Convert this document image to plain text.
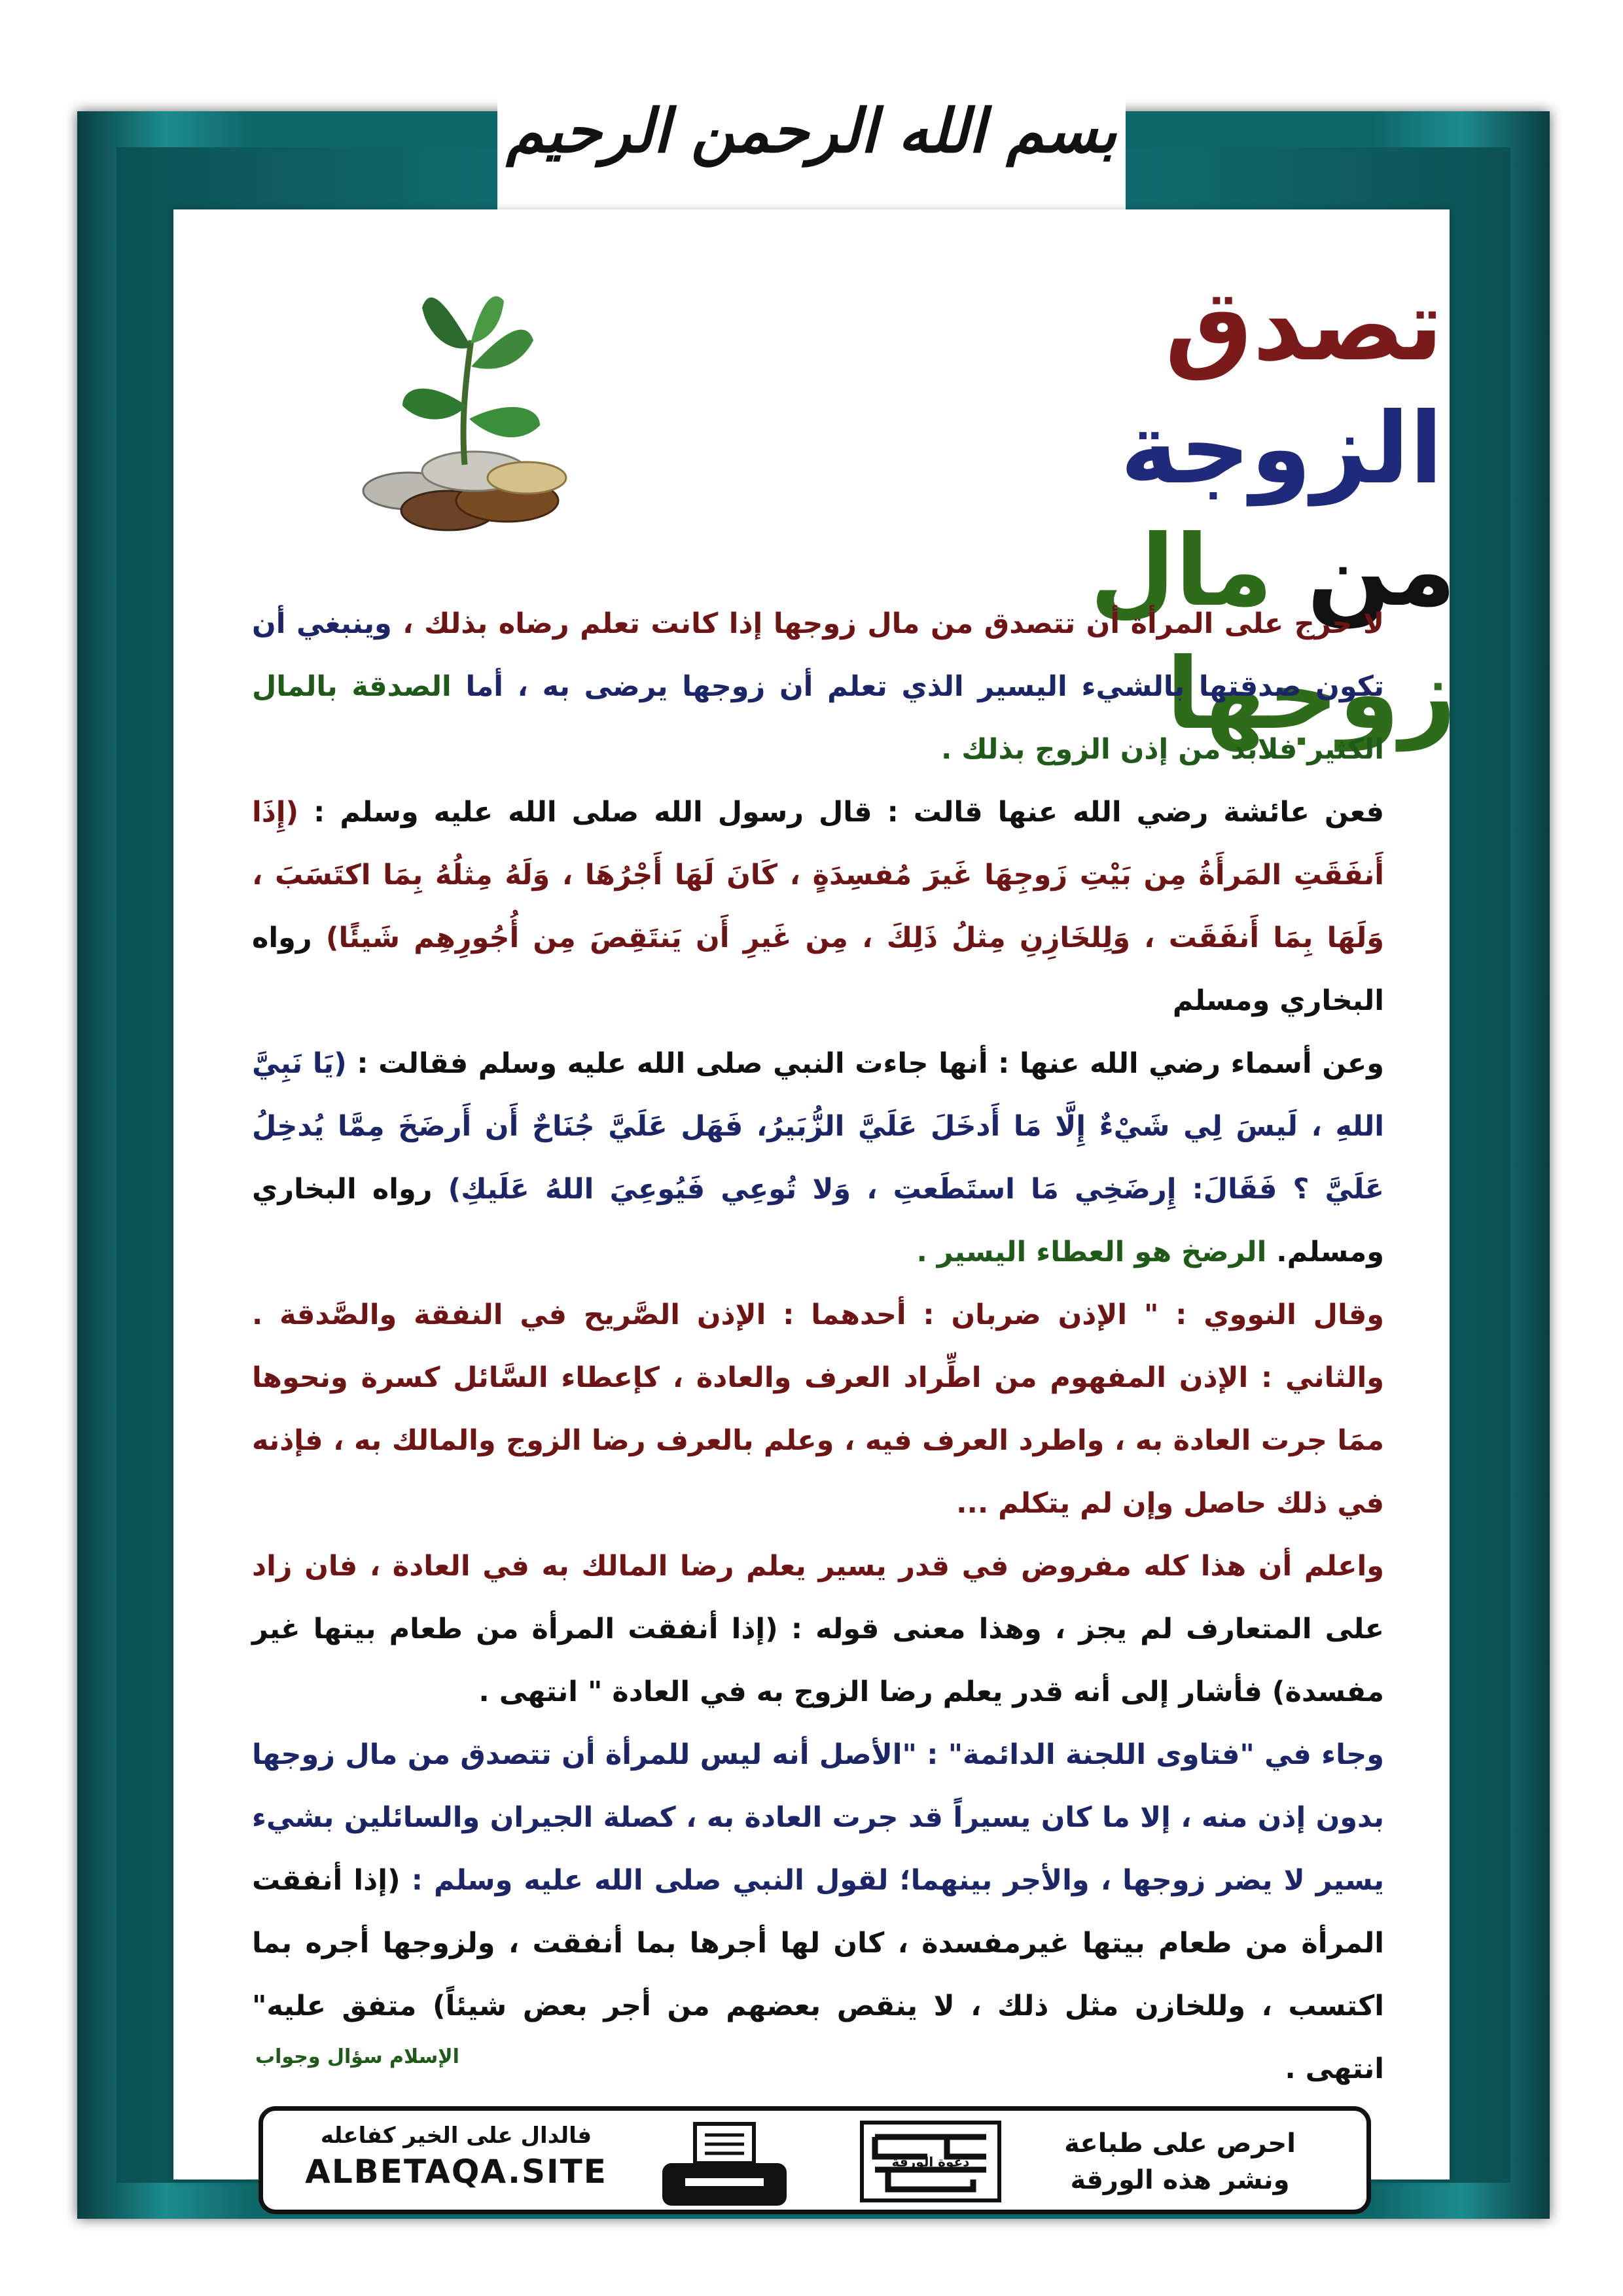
بسم الله الرحمن الرحيم
تصدق الزوجة
من مال زوجها

لا حرج على المرأة أن تتصدق من مال زوجها إذا كانت تعلم رضاه بذلك ، وينبغي أن تكون صدقتها بالشيء اليسير الذي تعلم أن زوجها يرضى به ، أما الصدقة بالمال الكثير فلابد من إذن الزوج بذلك .

فعن عائشة رضي الله عنها قالت : قال رسول الله صلى الله عليه وسلم : (إِذَا أَنفَقَتِ المَرأَةُ مِن بَيْتِ زَوجِهَا غَيرَ مُفسِدَةٍ ، كَانَ لَهَا أَجْرُهَا ، وَلَهُ مِثلُهُ بِمَا اكتَسَبَ ، وَلَهَا بِمَا أَنفَقَت ، وَلِلخَازِنِ مِثلُ ذَلِكَ ، مِن غَيرِ أَن يَنتَقِصَ مِن أُجُورِهِم شَيئًا) رواه البخاري ومسلم

وعن أسماء رضي الله عنها : أنها جاءت النبي صلى الله عليه وسلم فقالت : (يَا نَبِيَّ اللهِ ، لَيسَ لِي شَيْءٌ إِلَّا مَا أَدخَلَ عَلَيَّ الزُّبَيرُ، فَهَل عَلَيَّ جُنَاحٌ أَن أَرضَخَ مِمَّا يُدخِلُ عَلَيَّ ؟ فَقَالَ: إِرضَخِي مَا استَطَعتِ ، وَلا تُوعِي فَيُوعِيَ اللهُ عَلَيكِ) رواه البخاري ومسلم. الرضخ هو العطاء اليسير .

وقال النووي : " الإذن ضربان : أحدهما : الإذن الصَّريح في النفقة والصَّدقة . والثاني : الإذن المفهوم من اطِّراد العرف والعادة ، كإعطاء السَّائل كسرة ونحوها ممَا جرت العادة به ، واطرد العرف فيه ، وعلم بالعرف رضا الزوج والمالك به ، فإذنه في ذلك حاصل وإن لم يتكلم ...

واعلم أن هذا كله مفروض في قدر يسير يعلم رضا المالك به في العادة ، فان زاد على المتعارف لم يجز ، وهذا معنى قوله : (إذا أنفقت المرأة من طعام بيتها غير مفسدة) فأشار إلى أنه قدر يعلم رضا الزوج به في العادة " انتهى .

وجاء في "فتاوى اللجنة الدائمة" : "الأصل أنه ليس للمرأة أن تتصدق من مال زوجها بدون إذن منه ، إلا ما كان يسيراً قد جرت العادة به ، كصلة الجيران والسائلين بشيء يسير لا يضر زوجها ، والأجر بينهما؛ لقول النبي صلى الله عليه وسلم : (إذا أنفقت المرأة من طعام بيتها غيرمفسدة ، كان لها أجرها بما أنفقت ، ولزوجها أجره بما اكتسب ، وللخازن مثل ذلك ، لا ينقص بعضهم من أجر بعض شيئاً) متفق عليه" انتهى .

الإسلام سؤال وجواب
احرص على طباعة
ونشر هذه الورقة
دعوة الورقة
فالدال على الخير كفاعله
ALBETAQA.SITE
